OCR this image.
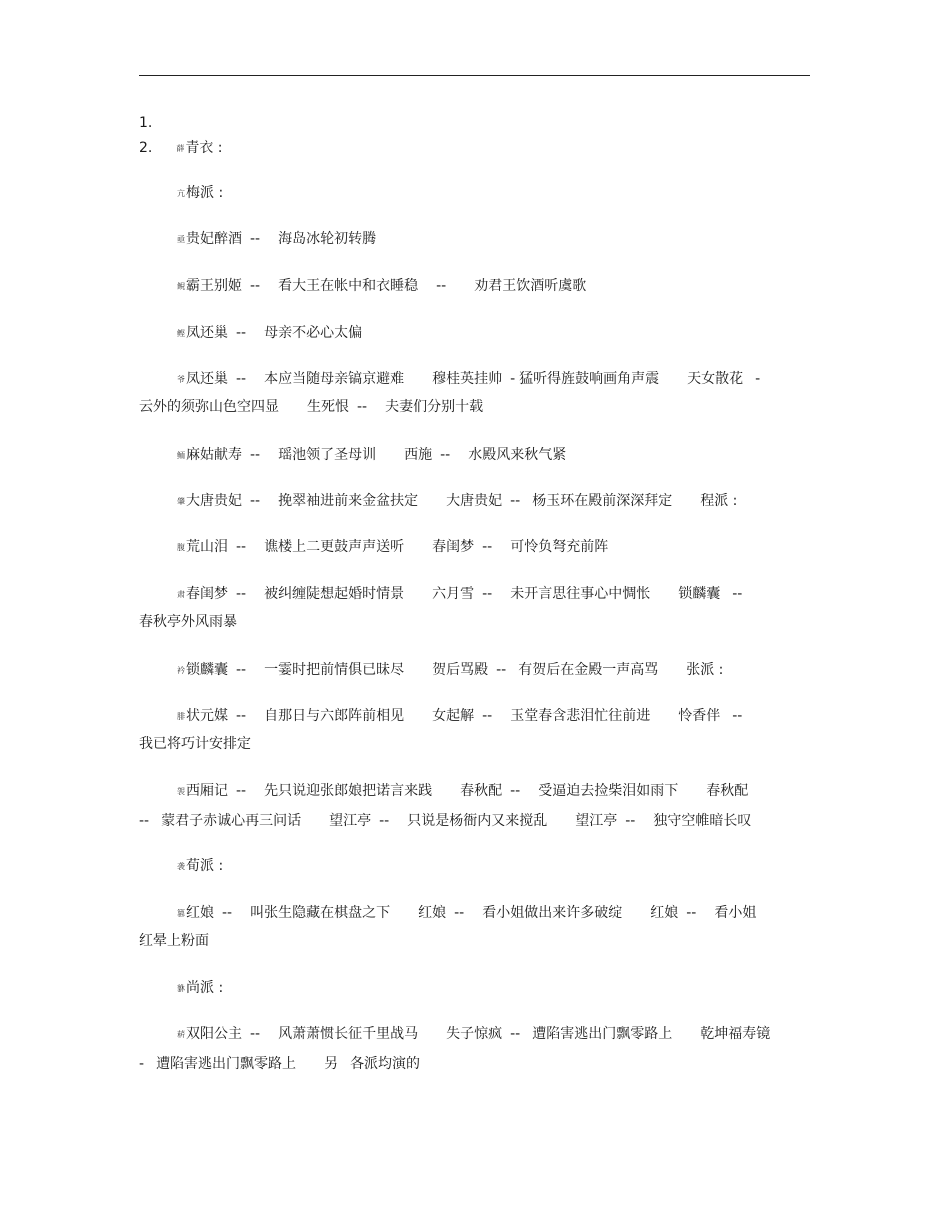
1.
2.	薛青衣 :
亢梅派 :
亟贵妃醉酒 -- 海岛冰轮初转腾
鲵霸王别姬 -- 看大王在帐中和衣睡稳 -- 劝君王饮酒听虞歌
鲣凤还巢 -- 母亲不必心太偏
爷凤还巢 -- 本应当随母亲镐京避难 穆桂英挂帅 - 猛听得旌鼓响画角声震 天女散花 -
云外的须弥山色空四显 生死恨 -- 夫妻们分别十载
鲕麻姑献寿 -- 瑶池领了圣母训 西施 -- 水殿风来秋气紧
肇大唐贵妃 -- 挽翠袖进前来金盆扶定 大唐贵妃 -- 杨玉环在殿前深深拜定 程派 :
腹荒山泪 -- 谯楼上二更鼓声声送听 春闺梦 -- 可怜负弩充前阵
肃春闺梦 -- 被纠缠陡想起婚时情景 六月雪 -- 未开言思往事心中惆怅 锁麟囊 --
春秋亭外风雨暴
衿锁麟囊 -- 一霎时把前情俱已昧尽 贺后骂殿 -- 有贺后在金殿一声高骂 张派 :
腓状元媒 -- 自那日与六郎阵前相见 女起解 -- 玉堂春含悲泪忙往前进 怜香伴 --
我已将巧计安排定
袈西厢记 -- 先只说迎张郎娘把诺言来践 春秋配 -- 受逼迫去捡柴泪如雨下 春秋配
-- 蒙君子赤诚心再三问话 望江亭 -- 只说是杨衙内又来搅乱 望江亭 -- 独守空帷暗长叹
袭荀派 :
篡红娘 -- 叫张生隐藏在棋盘之下 红娘 -- 看小姐做出来许多破绽 红娘 -- 看小姐
红晕上粉面
貅尚派 :
菥双阳公主 -- 风萧萧惯长征千里战马 失子惊疯 -- 遭陷害逃出门飘零路上 乾坤福寿镜
- 遭陷害逃出门飘零路上 另 各派均演的
